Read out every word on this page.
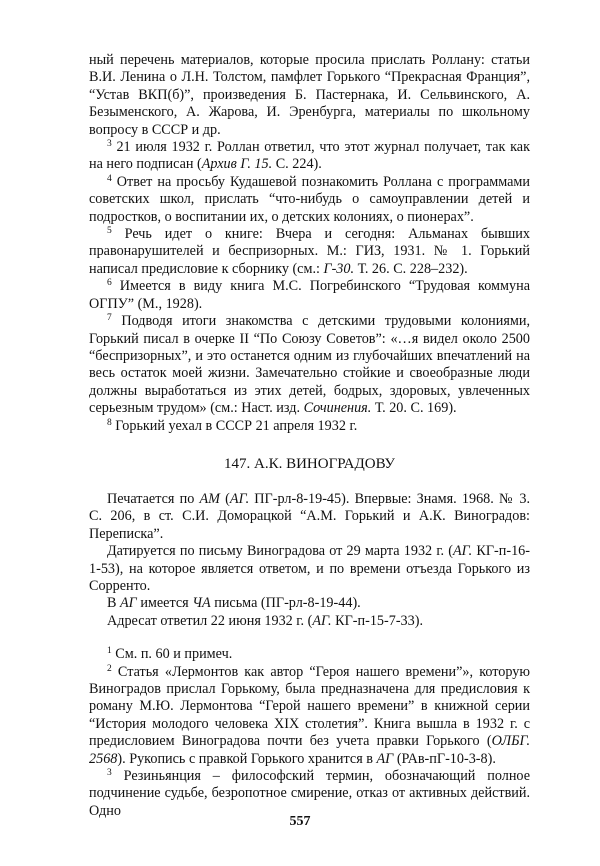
ный перечень материалов, которые просила прислать Роллану: статьи В.И. Ленина о Л.Н. Толстом, памфлет Горького “Прекрасная Франция”, “Устав ВКП(б)”, произведения Б. Пастернака, И. Сельвинского, А. Безыменского, А. Жарова, И. Эренбурга, материалы по школьному вопросу в СССР и др.

$^3$ 21 июля 1932 г. Роллан ответил, что этот журнал получает, так как на него подписан (Архив Г. 15. С. 224).

$^4$ Ответ на просьбу Кудашевой познакомить Роллана с программами советских школ, прислать “что-нибудь о самоуправлении детей и подростков, о воспитании их, о детских колониях, о пионерах”.

$^5$ Речь идет о книге: Вчера и сегодня: Альманах бывших правонарушителей и беспризорных. М.: ГИЗ, 1931. № 1. Горький написал предисловие к сборнику (см.: Г-30. Т. 26. С. 228–232).

$^6$ Имеется в виду книга М.С. Погребинского “Трудовая коммуна ОГПУ” (М., 1928).

$^7$ Подводя итоги знакомства с детскими трудовыми колониями, Горький писал в очерке II “По Союзу Советов”: «…я видел около 2500 “беспризорных”, и это останется одним из глубочайших впечатлений на весь остаток моей жизни. Замечательно стойкие и своеобразные люди должны выработаться из этих детей, бодрых, здоровых, увлеченных серьезным трудом» (см.: Наст. изд. Сочинения. Т. 20. С. 169).

$^8$ Горький уехал в СССР 21 апреля 1932 г.

147. А.К. ВИНОГРАДОВУ

Печатается по АМ (АГ. ПГ-рл-8-19-45). Впервые: Знамя. 1968. № 3. С. 206, в ст. С.И. Доморацкой “А.М. Горький и А.К. Виноградов: Переписка”.

Датируется по письму Виноградова от 29 марта 1932 г. (АГ. КГ-п-16-1-53), на которое является ответом, и по времени отъезда Горького из Сорренто.

В АГ имеется ЧА письма (ПГ-рл-8-19-44).

Адресат ответил 22 июня 1932 г. (АГ. КГ-п-15-7-33).

$^1$ См. п. 60 и примеч.

$^2$ Статья «Лермонтов как автор “Героя нашего времени”», которую Виноградов прислал Горькому, была предназначена для предисловия к роману М.Ю. Лермонтова “Герой нашего времени” в книжной серии “История молодого человека XIX столетия”. Книга вышла в 1932 г. с предисловием Виноградова почти без учета правки Горького (ОЛБГ. 2568). Рукопись с правкой Горького хранится в АГ (РАв-пГ-10-3-8).

$^3$ Резиньянция – философский термин, обозначающий полное подчинение судьбе, безропотное смирение, отказ от активных действий. Одно

557
